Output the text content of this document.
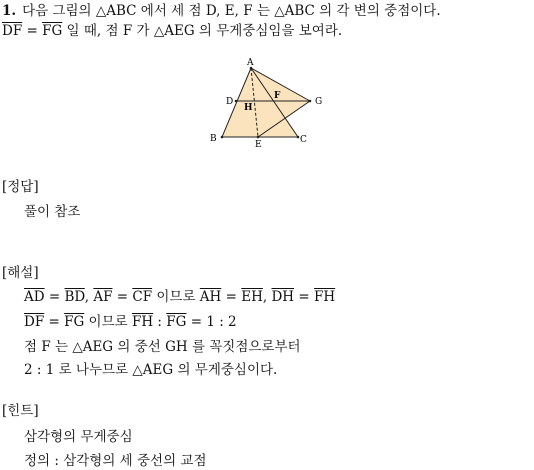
1. 다음 그림의 △ABC 에서 세 점 D, E, F 는 △ABC 의 각 변의 중점이다.
$\overline{DF} = \overline{FG}$ 일 때, 점 F 가 △AEG 의 무게중심임을 보여라.
A
B	C
D
E
F
G
H
[정답]
풀이 참조
[해설]
$\overline{AD} = \overline{BD}$, $\overline{AF} = \overline{CF}$ 이므로 $\overline{AH} = \overline{EH}$, $\overline{DH} = \overline{FH}$
$\overline{DF} = \overline{FG}$ 이므로 $\overline{FH}$ : $\overline{FG} = 1$ : 2
점 F 는 △AEG 의 중선 GH 를 꼭짓점으로부터
2 : 1 로 나누므로 △AEG 의 무게중심이다.
[힌트]
삼각형의 무게중심
정의 : 삼각형의 세 중선의 교점
